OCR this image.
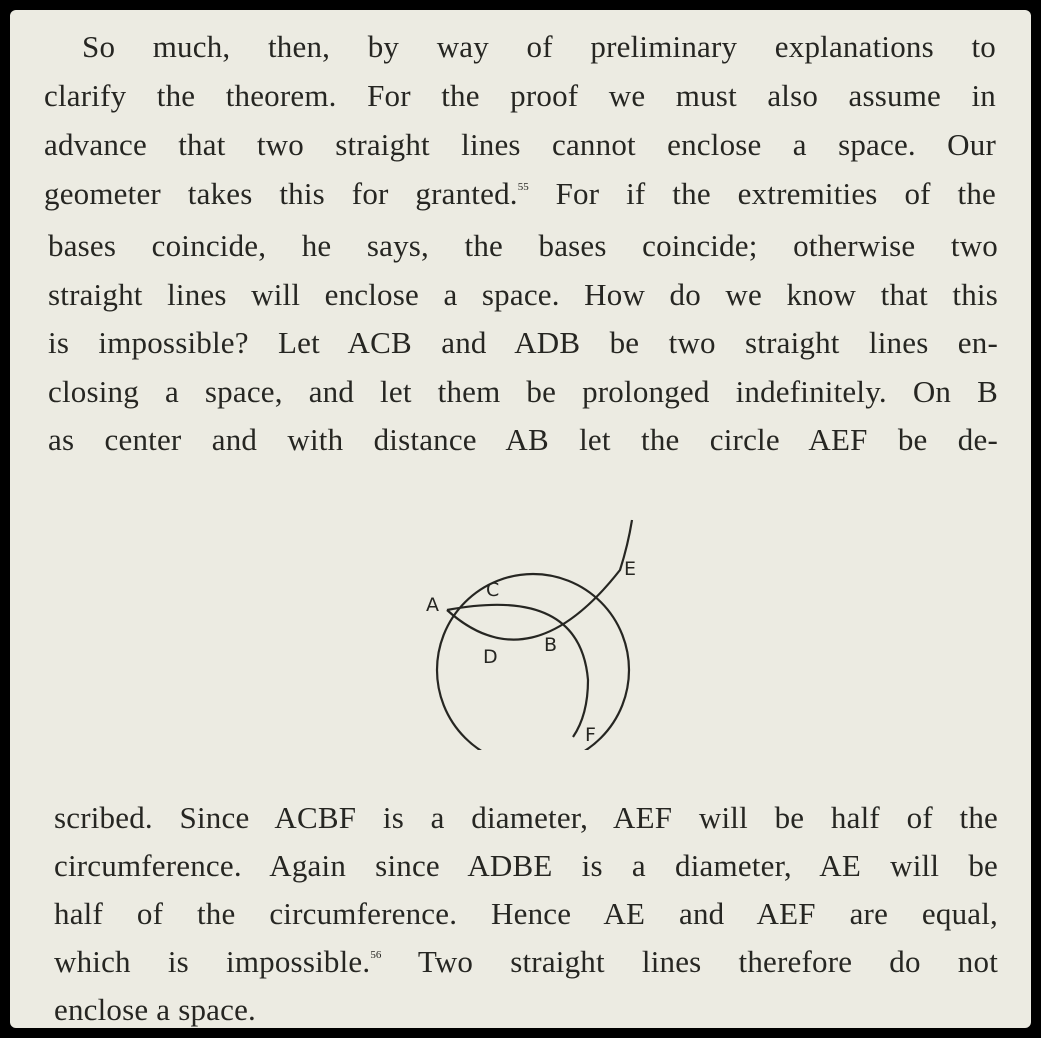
So much, then, by way of preliminary explanations to
clarify the theorem. For the proof we must also assume in
advance that two straight lines cannot enclose a space. Our
geometer takes this for granted.$^{55}$ For if the extremities of the

bases coincide, he says, the bases coincide; otherwise two
straight lines will enclose a space. How do we know that this
is impossible? Let ACB and ADB be two straight lines en-
closing a space, and let them be prolonged indefinitely. On B
as center and with distance AB let the circle AEF be de-

A
C
D
B
E
F

scribed. Since ACBF is a diameter, AEF will be half of the
circumference. Again since ADBE is a diameter, AE will be
half of the circumference. Hence AE and AEF are equal,
which is impossible.$^{56}$ Two straight lines therefore do not
enclose a space.
